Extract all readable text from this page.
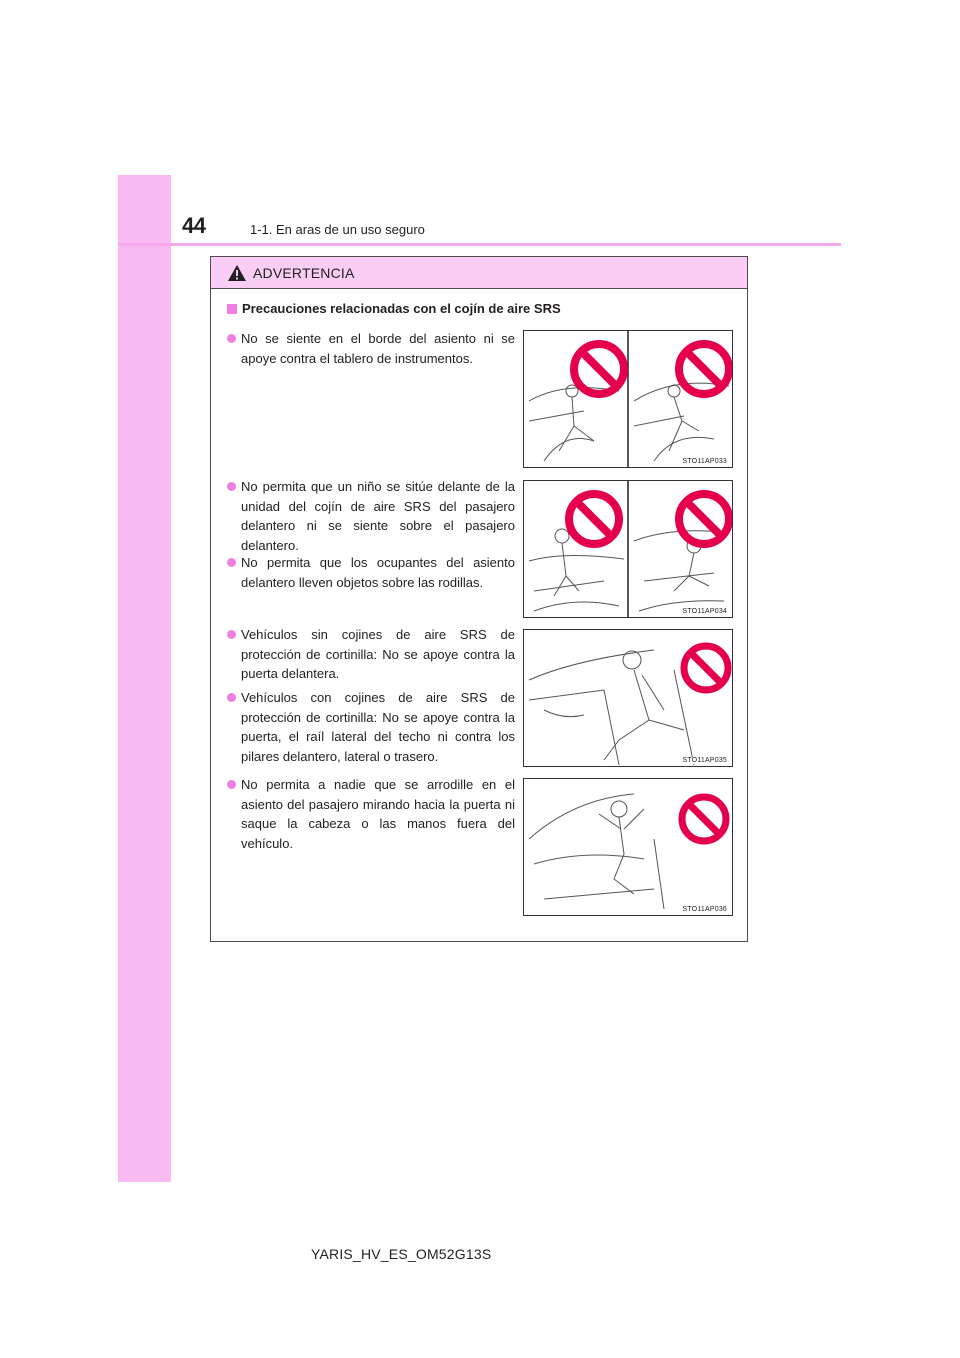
44	1-1. En aras de un uso seguro
ADVERTENCIA
Precauciones relacionadas con el cojín de aire SRS
No se siente en el borde del asiento ni se apoye contra el tablero de instrumentos.
No permita que un niño se sitúe delante de la unidad del cojín de aire SRS del pasajero delantero ni se siente sobre el pasajero delantero.
No permita que los ocupantes del asiento delantero lleven objetos sobre las rodillas.
Vehículos sin cojines de aire SRS de protección de cortinilla: No se apoye contra la puerta delantera.
Vehículos con cojines de aire SRS de protección de cortinilla: No se apoye contra la puerta, el raíl lateral del techo ni contra los pilares delantero, lateral o trasero.
No permita a nadie que se arrodille en el asiento del pasajero mirando hacia la puerta ni saque la cabeza o las manos fuera del vehículo.
STO11AP033
STO11AP034
STO11AP035
STO11AP036
YARIS_HV_ES_OM52G13S
